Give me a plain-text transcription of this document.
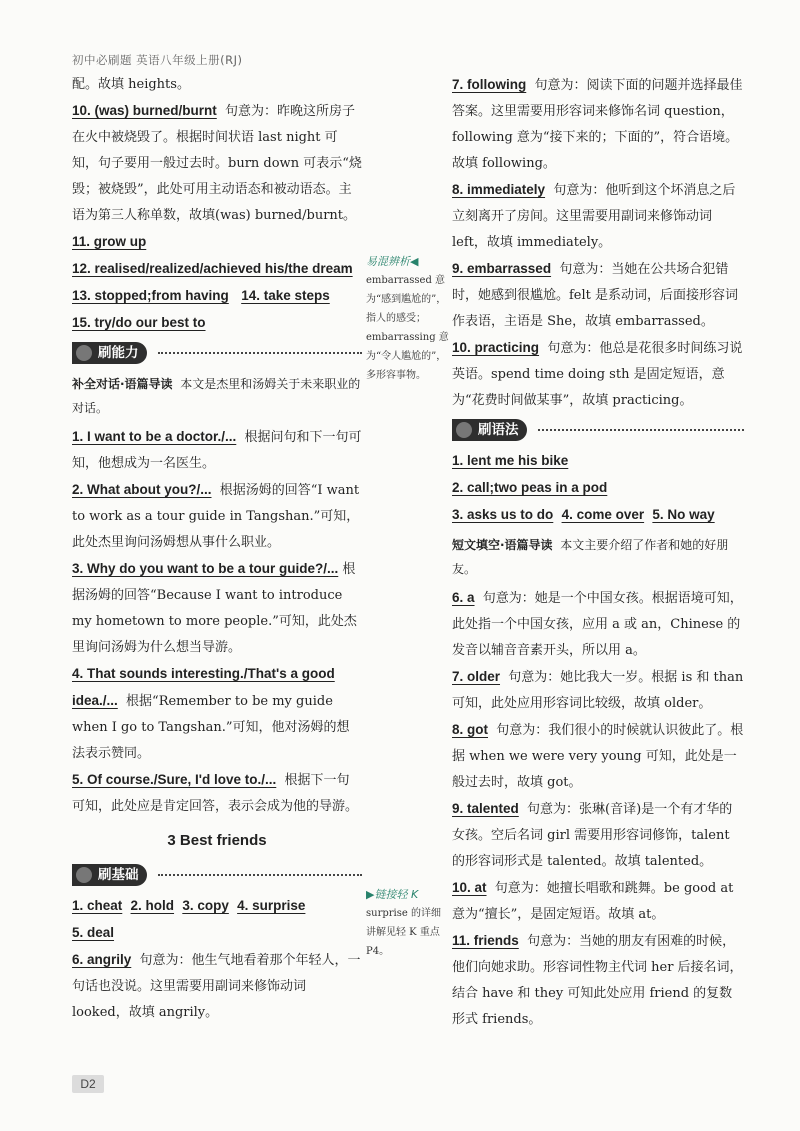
初中必刷题 英语八年级上册(RJ)

配。故填 heights。

10. (was) burned/burnt 句意为：昨晚这所房子在火中被烧毁了。根据时间状语 last night 可知，句子要用一般过去时。burn down 可表示“烧毁；被烧毁”，此处可用主动语态和被动语态。主语为第三人称单数，故填(was) burned/burnt。

11. grow up

12. realised/realized/achieved his/the dream

13. stopped;from having 14. take steps

15. try/do our best to

刷能力
补全对话·语篇导读 本文是杰里和汤姆关于未来职业的对话。

1. I want to be a doctor./... 根据问句和下一句可知，他想成为一名医生。

2. What about you?/... 根据汤姆的回答“I want to work as a tour guide in Tangshan.”可知，此处杰里询问汤姆想从事什么职业。

3. Why do you want to be a tour guide?/... 根据汤姆的回答“Because I want to introduce my hometown to more people.”可知，此处杰里询问汤姆为什么想当导游。

4. That sounds interesting./That's a good idea./... 根据“Remember to be my guide when I go to Tangshan.”可知，他对汤姆的想法表示赞同。

5. Of course./Sure, I'd love to./... 根据下一句可知，此处应是肯定回答，表示会成为他的导游。

3 Best friends
刷基础

1. cheat 2. hold 3. copy 4. surprise

5. deal

6. angrily 句意为：他生气地看着那个年轻人，一句话也没说。这里需要用副词来修饰动词 looked，故填 angrily。

易混辨析◀
embarrassed 意为“感到尴尬的”，指人的感受；embarrassing 意为“令人尴尬的”，多形容事物。
▶链接轻 K
surprise 的详细讲解见轻 K 重点 P4。

7. following 句意为：阅读下面的问题并选择最佳答案。这里需要用形容词来修饰名词 question，following 意为“接下来的；下面的”，符合语境。故填 following。

8. immediately 句意为：他听到这个坏消息之后立刻离开了房间。这里需要用副词来修饰动词 left，故填 immediately。

9. embarrassed 句意为：当她在公共场合犯错时，她感到很尴尬。felt 是系动词，后面接形容词作表语，主语是 She，故填 embarrassed。

10. practicing 句意为：他总是花很多时间练习说英语。spend time doing sth 是固定短语，意为“花费时间做某事”，故填 practicing。

刷语法

1. lent me his bike

2. call;two peas in a pod

3. asks us to do 4. come over 5. No way

短文填空·语篇导读 本文主要介绍了作者和她的好朋友。

6. a 句意为：她是一个中国女孩。根据语境可知，此处指一个中国女孩，应用 a 或 an，Chinese 的发音以辅音音素开头，所以用 a。

7. older 句意为：她比我大一岁。根据 is 和 than 可知，此处应用形容词比较级，故填 older。

8. got 句意为：我们很小的时候就认识彼此了。根据 when we were very young 可知，此处是一般过去时，故填 got。

9. talented 句意为：张琳(音译)是一个有才华的女孩。空后名词 girl 需要用形容词修饰，talent 的形容词形式是 talented。故填 talented。

10. at 句意为：她擅长唱歌和跳舞。be good at 意为“擅长”，是固定短语。故填 at。

11. friends 句意为：当她的朋友有困难的时候，他们向她求助。形容词性物主代词 her 后接名词，结合 have 和 they 可知此处应用 friend 的复数形式 friends。

D2
